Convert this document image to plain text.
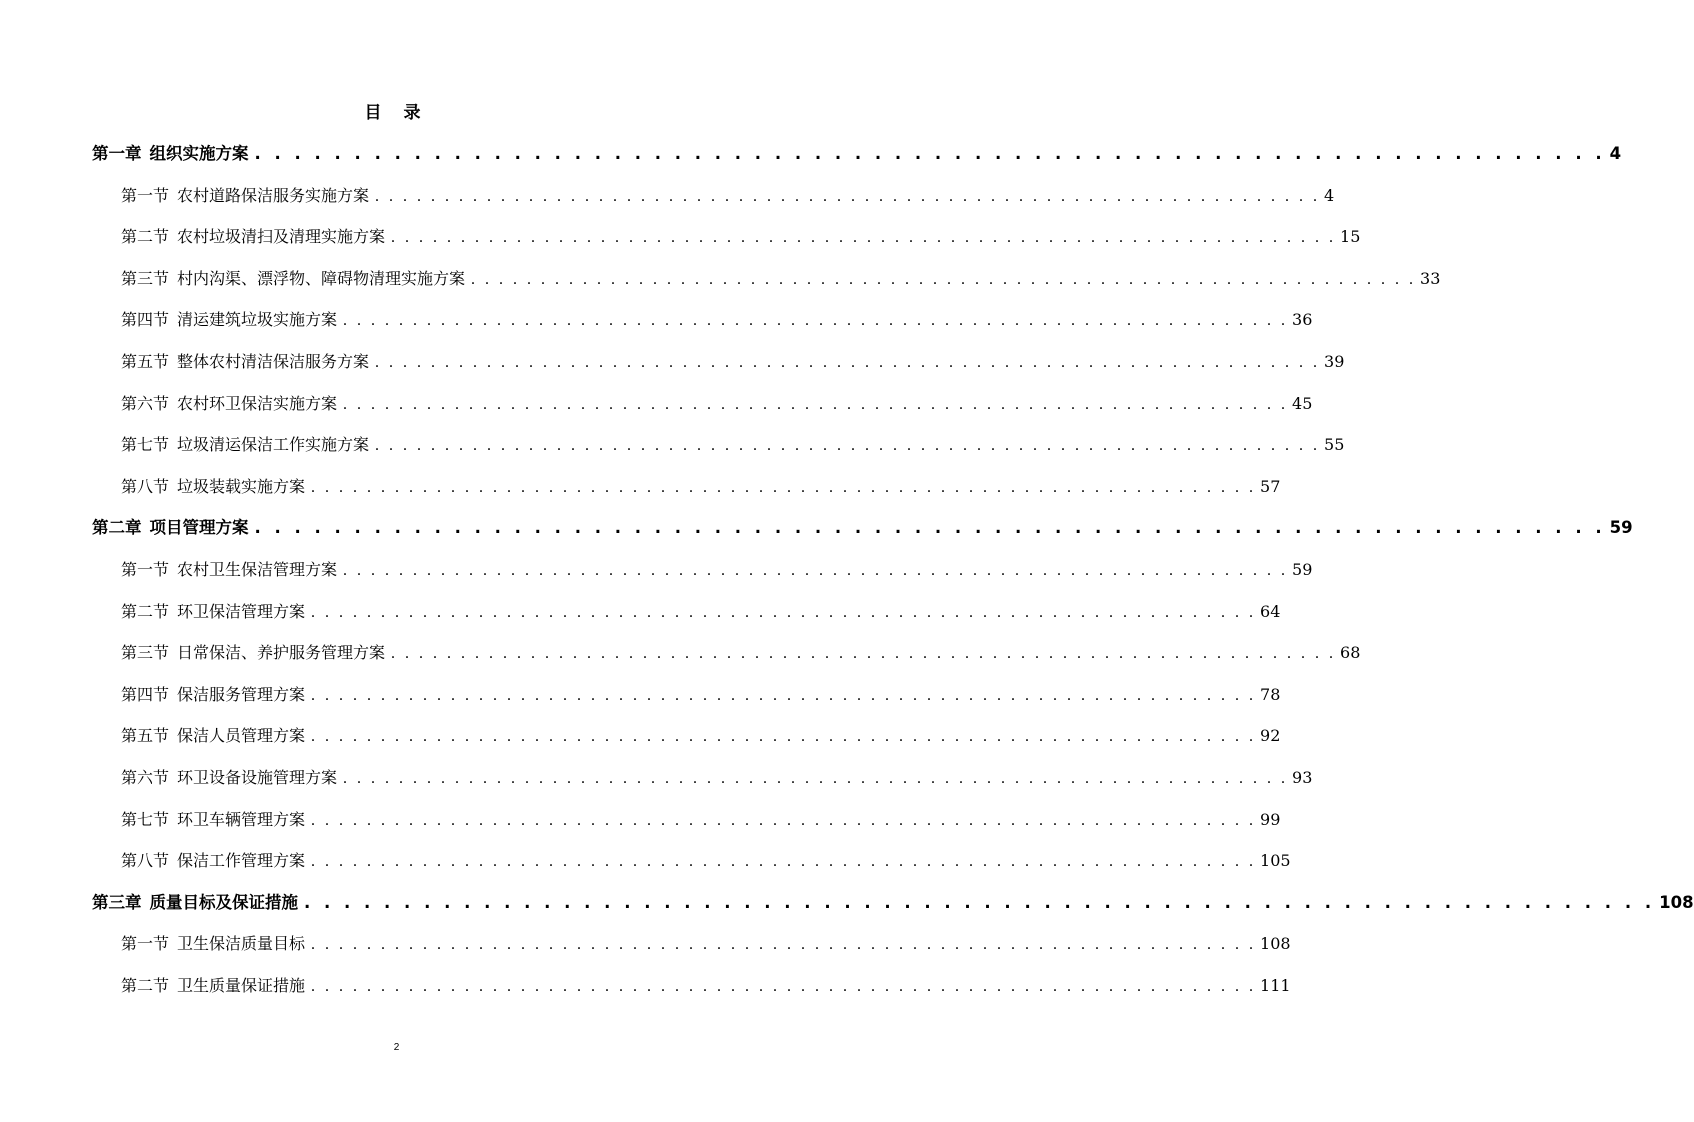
目 录
第一章 组织实施方案 . . . . . . . . . . . . . . . . . . . . . . . . . . . . . . . . . . . . . . . . . . . . . . . . . . . . . . . . . . . . . . . . . . . . 4
第一节 农村道路保洁服务实施方案 . . . . . . . . . . . . . . . . . . . . . . . . . . . . . . . . . . . . . . . . . . . . . . . . . . . . . . . . . . . . . . . . . . . . 4
第二节 农村垃圾清扫及清理实施方案 . . . . . . . . . . . . . . . . . . . . . . . . . . . . . . . . . . . . . . . . . . . . . . . . . . . . . . . . . . . . . . . . . . . . 15
第三节 村内沟渠、漂浮物、障碍物清理实施方案 . . . . . . . . . . . . . . . . . . . . . . . . . . . . . . . . . . . . . . . . . . . . . . . . . . . . . . . . . . . . . . . . . . . . 33
第四节 清运建筑垃圾实施方案 . . . . . . . . . . . . . . . . . . . . . . . . . . . . . . . . . . . . . . . . . . . . . . . . . . . . . . . . . . . . . . . . . . . . 36
第五节 整体农村清洁保洁服务方案 . . . . . . . . . . . . . . . . . . . . . . . . . . . . . . . . . . . . . . . . . . . . . . . . . . . . . . . . . . . . . . . . . . . . 39
第六节 农村环卫保洁实施方案 . . . . . . . . . . . . . . . . . . . . . . . . . . . . . . . . . . . . . . . . . . . . . . . . . . . . . . . . . . . . . . . . . . . . 45
第七节 垃圾清运保洁工作实施方案 . . . . . . . . . . . . . . . . . . . . . . . . . . . . . . . . . . . . . . . . . . . . . . . . . . . . . . . . . . . . . . . . . . . . 55
第八节 垃圾装载实施方案 . . . . . . . . . . . . . . . . . . . . . . . . . . . . . . . . . . . . . . . . . . . . . . . . . . . . . . . . . . . . . . . . . . . . 57
第二章 项目管理方案 . . . . . . . . . . . . . . . . . . . . . . . . . . . . . . . . . . . . . . . . . . . . . . . . . . . . . . . . . . . . . . . . . . . . 59
第一节 农村卫生保洁管理方案 . . . . . . . . . . . . . . . . . . . . . . . . . . . . . . . . . . . . . . . . . . . . . . . . . . . . . . . . . . . . . . . . . . . . 59
第二节 环卫保洁管理方案 . . . . . . . . . . . . . . . . . . . . . . . . . . . . . . . . . . . . . . . . . . . . . . . . . . . . . . . . . . . . . . . . . . . . 64
第三节 日常保洁、养护服务管理方案 . . . . . . . . . . . . . . . . . . . . . . . . . . . . . . . . . . . . . . . . . . . . . . . . . . . . . . . . . . . . . . . . . . . . 68
第四节 保洁服务管理方案 . . . . . . . . . . . . . . . . . . . . . . . . . . . . . . . . . . . . . . . . . . . . . . . . . . . . . . . . . . . . . . . . . . . . 78
第五节 保洁人员管理方案 . . . . . . . . . . . . . . . . . . . . . . . . . . . . . . . . . . . . . . . . . . . . . . . . . . . . . . . . . . . . . . . . . . . . 92
第六节 环卫设备设施管理方案 . . . . . . . . . . . . . . . . . . . . . . . . . . . . . . . . . . . . . . . . . . . . . . . . . . . . . . . . . . . . . . . . . . . . 93
第七节 环卫车辆管理方案 . . . . . . . . . . . . . . . . . . . . . . . . . . . . . . . . . . . . . . . . . . . . . . . . . . . . . . . . . . . . . . . . . . . . 99
第八节 保洁工作管理方案 . . . . . . . . . . . . . . . . . . . . . . . . . . . . . . . . . . . . . . . . . . . . . . . . . . . . . . . . . . . . . . . . . . . . 105
第三章 质量目标及保证措施 . . . . . . . . . . . . . . . . . . . . . . . . . . . . . . . . . . . . . . . . . . . . . . . . . . . . . . . . . . . . . . . . . . . . 108
第一节 卫生保洁质量目标 . . . . . . . . . . . . . . . . . . . . . . . . . . . . . . . . . . . . . . . . . . . . . . . . . . . . . . . . . . . . . . . . . . . . 108
第二节 卫生质量保证措施 . . . . . . . . . . . . . . . . . . . . . . . . . . . . . . . . . . . . . . . . . . . . . . . . . . . . . . . . . . . . . . . . . . . . 111
2
